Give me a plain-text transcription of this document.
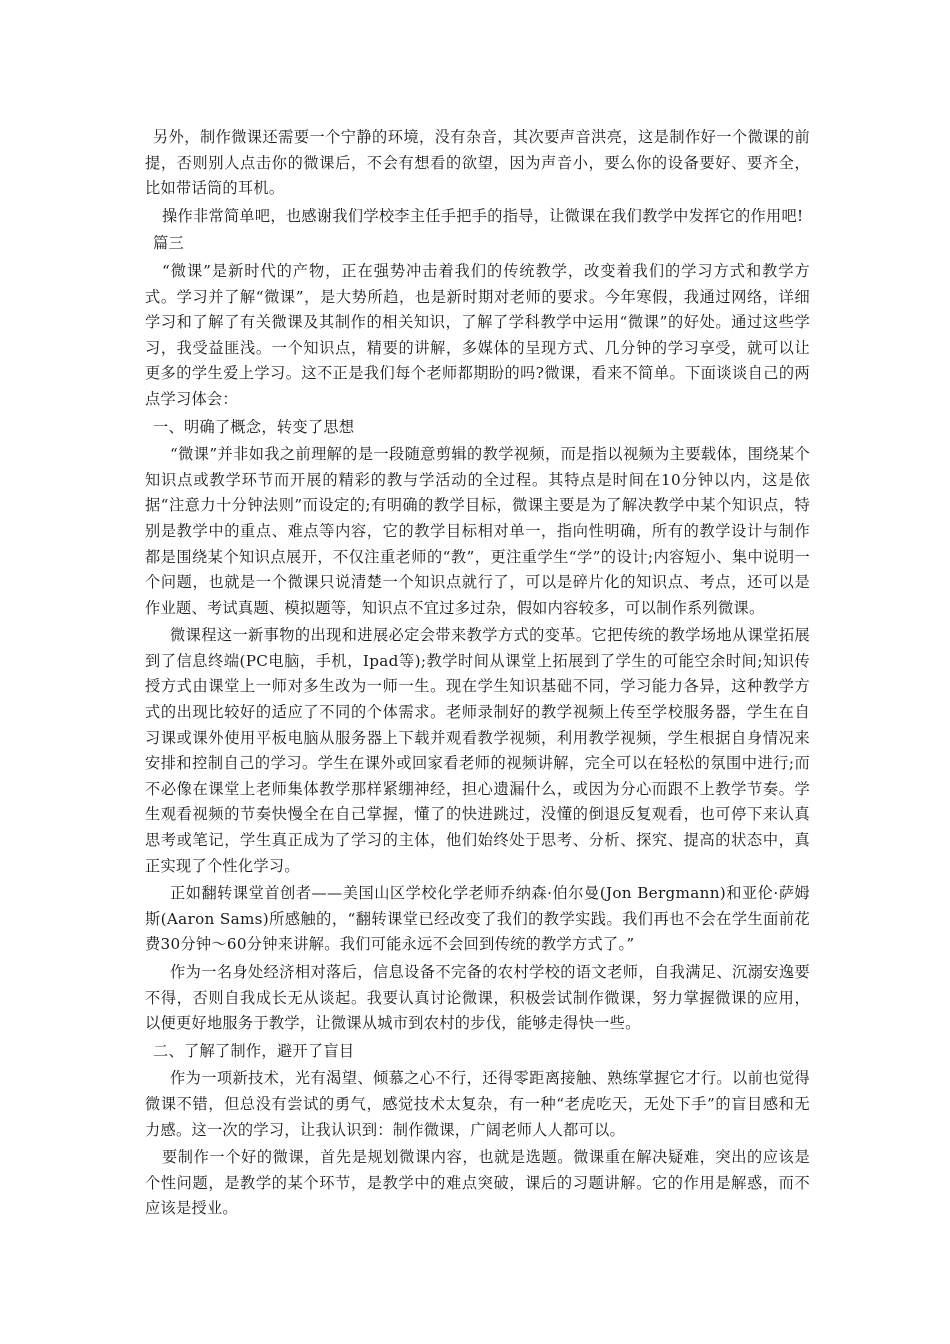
另外，制作微课还需要一个宁静的环境，没有杂音，其次要声音洪亮，这是制作好一个微课的前提，否则别人点击你的微课后，不会有想看的欲望，因为声音小，要么你的设备要好、要齐全，比如带话筒的耳机。

操作非常简单吧，也感谢我们学校李主任手把手的指导，让微课在我们教学中发挥它的作用吧!

篇三

“微课”是新时代的产物，正在强势冲击着我们的传统教学，改变着我们的学习方式和教学方式。学习并了解“微课”，是大势所趋，也是新时期对老师的要求。今年寒假，我通过网络，详细学习和了解了有关微课及其制作的相关知识，了解了学科教学中运用“微课”的好处。通过这些学习，我受益匪浅。一个知识点，精要的讲解，多媒体的呈现方式、几分钟的学习享受，就可以让更多的学生爱上学习。这不正是我们每个老师都期盼的吗?微课，看来不简单。下面谈谈自己的两点学习体会：

一、明确了概念，转变了思想

“微课”并非如我之前理解的是一段随意剪辑的教学视频，而是指以视频为主要载体，围绕某个知识点或教学环节而开展的精彩的教与学活动的全过程。其特点是时间在10分钟以内，这是依据“注意力十分钟法则”而设定的;有明确的教学目标，微课主要是为了解决教学中某个知识点，特别是教学中的重点、难点等内容，它的教学目标相对单一，指向性明确，所有的教学设计与制作都是围绕某个知识点展开，不仅注重老师的“教”，更注重学生“学”的设计;内容短小、集中说明一个问题，也就是一个微课只说清楚一个知识点就行了，可以是碎片化的知识点、考点，还可以是作业题、考试真题、模拟题等，知识点不宜过多过杂，假如内容较多，可以制作系列微课。

微课程这一新事物的出现和进展必定会带来教学方式的变革。它把传统的教学场地从课堂拓展到了信息终端(PC电脑，手机，Ipad等);教学时间从课堂上拓展到了学生的可能空余时间;知识传授方式由课堂上一师对多生改为一师一生。现在学生知识基础不同，学习能力各异，这种教学方式的出现比较好的适应了不同的个体需求。老师录制好的教学视频上传至学校服务器，学生在自习课或课外使用平板电脑从服务器上下载并观看教学视频，利用教学视频，学生根据自身情况来安排和控制自己的学习。学生在课外或回家看老师的视频讲解，完全可以在轻松的氛围中进行;而不必像在课堂上老师集体教学那样紧绷神经，担心遗漏什么，或因为分心而跟不上教学节奏。学生观看视频的节奏快慢全在自己掌握，懂了的快进跳过，没懂的倒退反复观看，也可停下来认真思考或笔记，学生真正成为了学习的主体，他们始终处于思考、分析、探究、提高的状态中，真正实现了个性化学习。

正如翻转课堂首创者——美国山区学校化学老师乔纳森·伯尔曼(Jon Bergmann)和亚伦·萨姆斯(Aaron Sams)所感触的，“翻转课堂已经改变了我们的教学实践。我们再也不会在学生面前花费30分钟～60分钟来讲解。我们可能永远不会回到传统的教学方式了。”

作为一名身处经济相对落后，信息设备不完备的农村学校的语文老师，自我满足、沉溺安逸要不得，否则自我成长无从谈起。我要认真讨论微课，积极尝试制作微课，努力掌握微课的应用，以便更好地服务于教学，让微课从城市到农村的步伐，能够走得快一些。

二、了解了制作，避开了盲目

作为一项新技术，光有渴望、倾慕之心不行，还得零距离接触、熟练掌握它才行。以前也觉得微课不错，但总没有尝试的勇气，感觉技术太复杂，有一种“老虎吃天，无处下手”的盲目感和无力感。这一次的学习，让我认识到：制作微课，广阔老师人人都可以。

要制作一个好的微课，首先是规划微课内容，也就是选题。微课重在解决疑难，突出的应该是个性问题，是教学的某个环节，是教学中的难点突破，课后的习题讲解。它的作用是解惑，而不应该是授业。
